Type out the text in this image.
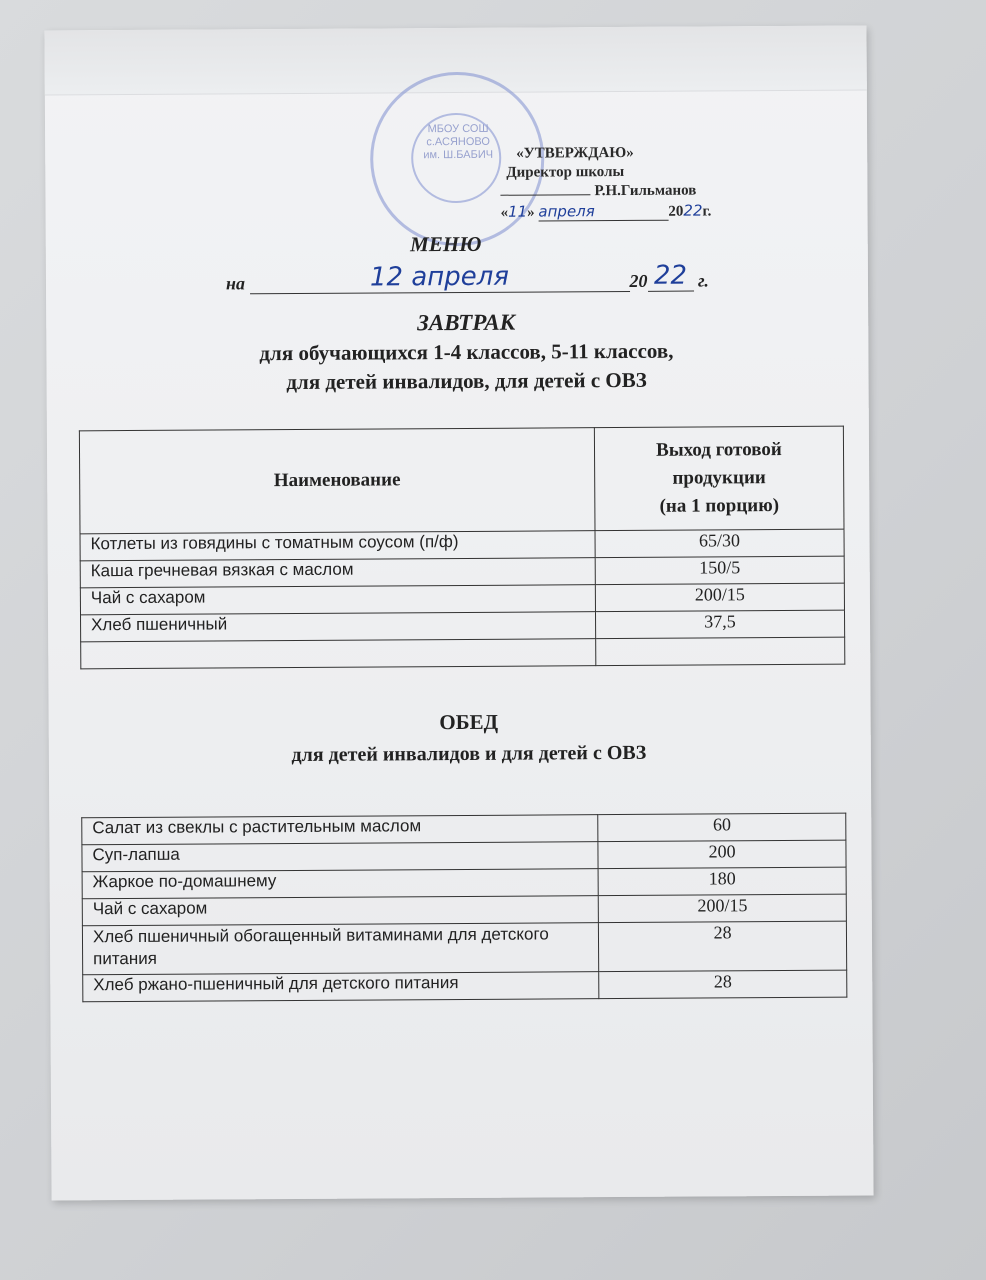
МБОУ СОШ с.АСЯНОВО им. Ш.БАБИЧ «УТВЕРЖДАЮ»
Директор школы
Р.Н.Гильманов
«11» апреля	2022г.
МЕНЮ
на	12 апреля	20 22 г.
ЗАВТРАК
для обучающихся 1-4 классов, 5-11 классов,
для детей инвалидов, для детей с ОВЗ
Наименование	Выход готовой
продукции
(на 1 порцию)

Котлеты из говядины с томатным соусом (п/ф)	65/30
Каша гречневая вязкая с маслом	150/5
Чай с сахаром	200/15
Хлеб пшеничный	37,5

ОБЕД
для детей инвалидов и для детей с ОВЗ
Салат из свеклы с растительным маслом	60
Суп-лапша	200
Жаркое по-домашнему	180
Чай с сахаром	200/15
Хлеб пшеничный обогащенный витаминами для детского питания	28
Хлеб ржано-пшеничный для детского питания	28
